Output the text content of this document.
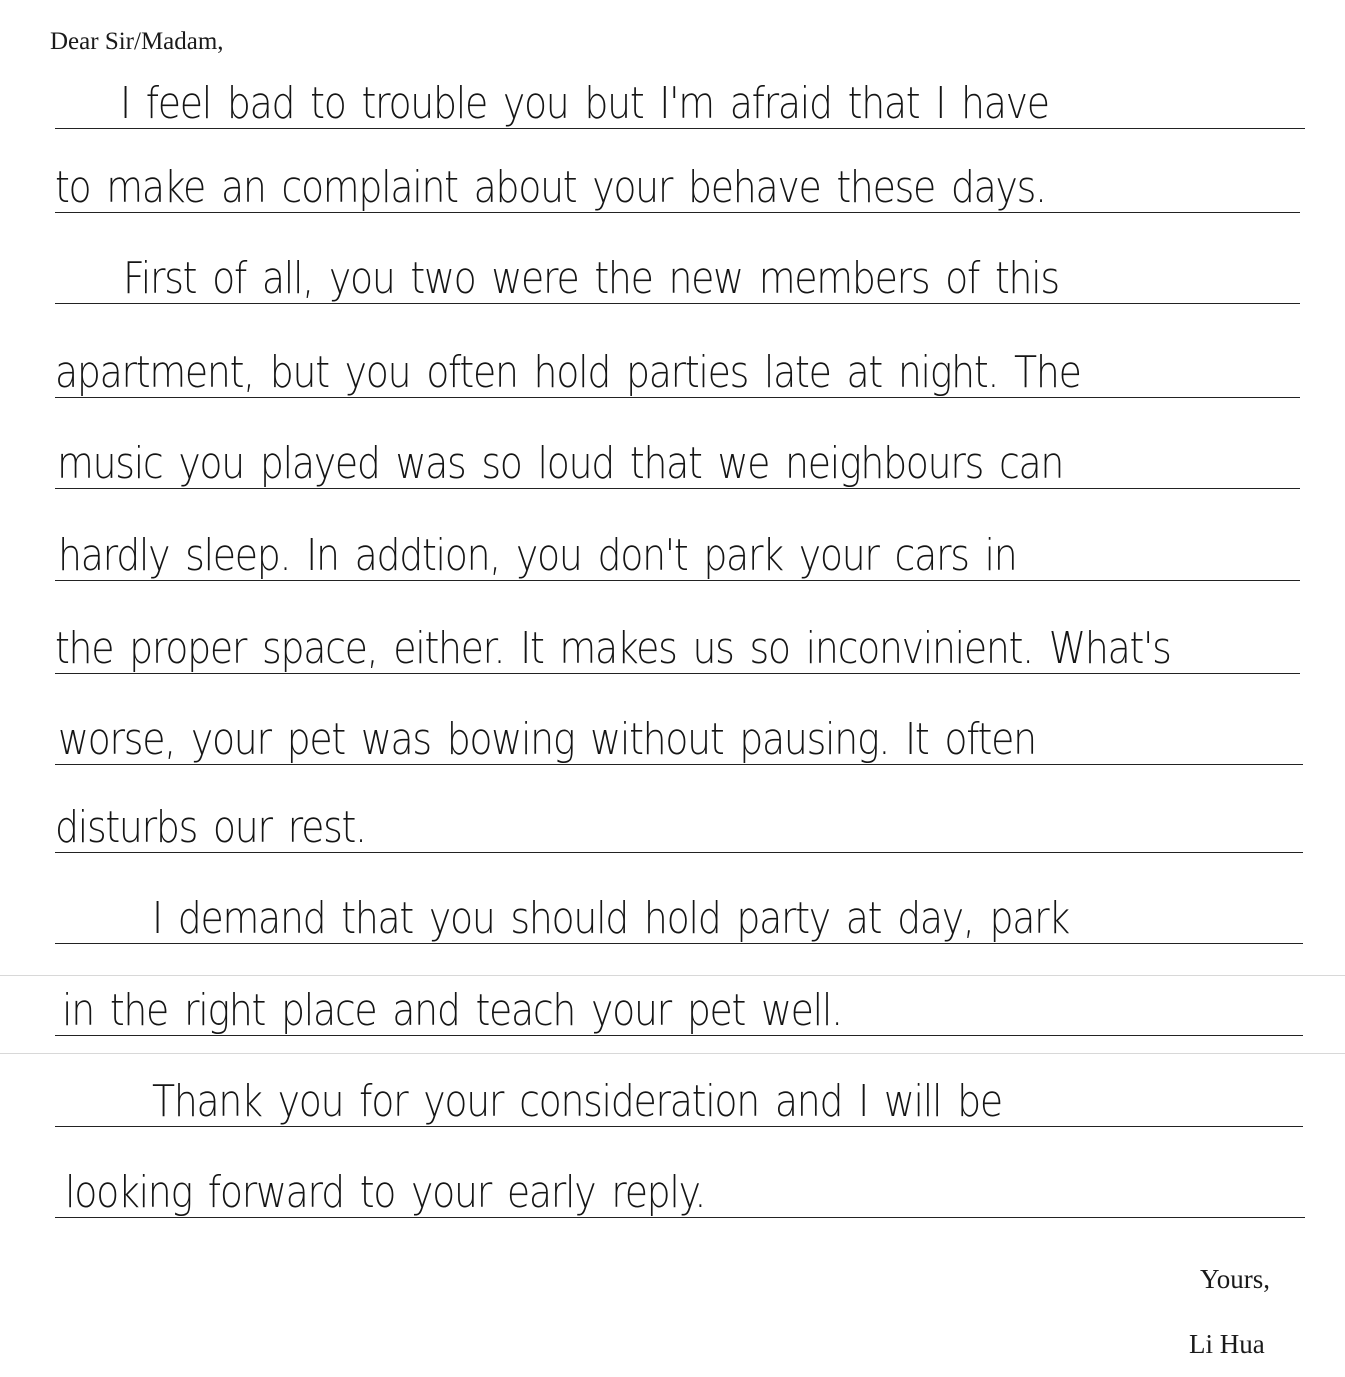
Dear Sir/Madam,
I feel bad to trouble you but I'm afraid that I have
to make an complaint about your behave these days.
First of all, you two were the new members of this
apartment, but you often hold parties late at night. The
music you played was so loud that we neighbours can
hardly sleep. In addtion, you don't park your cars in
the proper space, either. It makes us so inconvinient. What's
worse, your pet was bowing without pausing. It often
disturbs our rest.
I demand that you should hold party at day, park
in the right place and teach your pet well.
Thank you for your consideration and I will be
looking forward to your early reply.
Yours,
Li Hua
